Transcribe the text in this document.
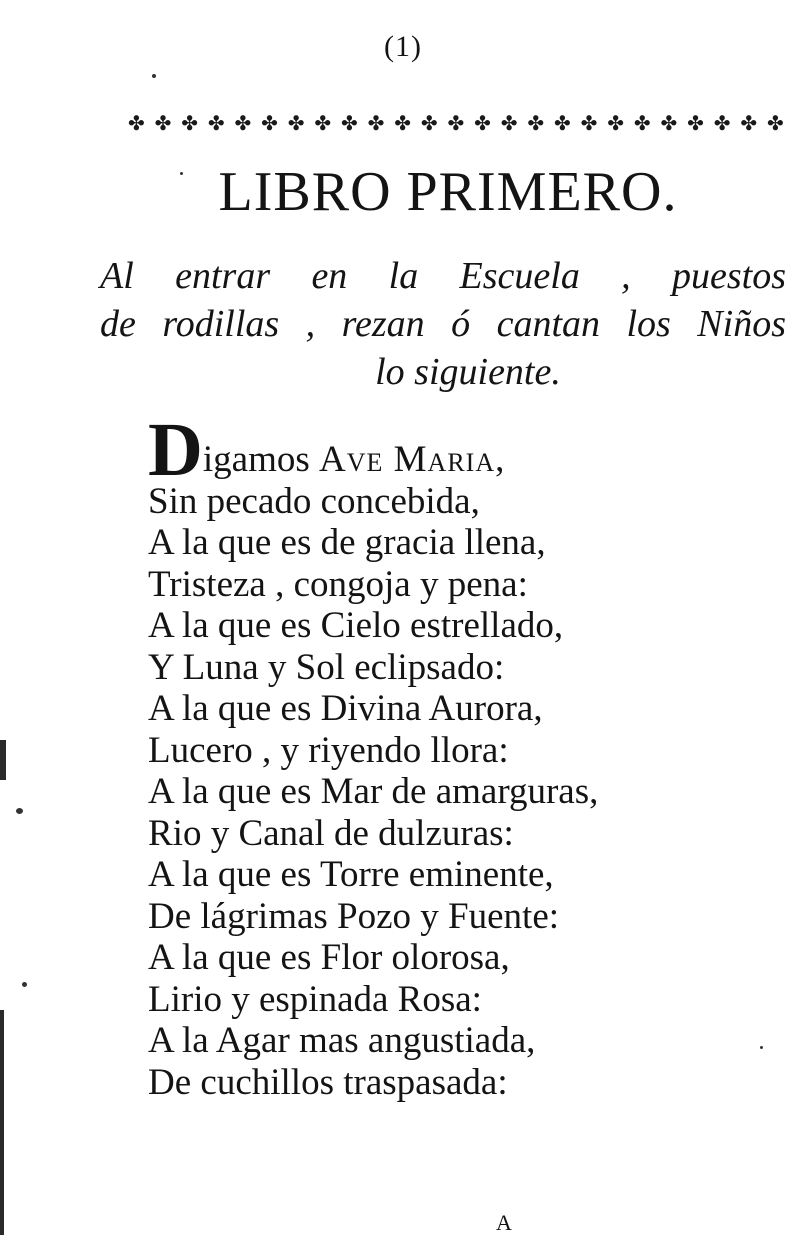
(1)
✤ ✤ ✤ ✤ ✤ ✤ ✤ ✤ ✤ ✤ ✤ ✤ ✤ ✤ ✤ ✤ ✤ ✤ ✤ ✤ ✤ ✤ ✤ ✤ ✤
LIBRO PRIMERO.
Al entrar en la Escuela , puestos
de rodillas , rezan ó cantan los Niños
lo siguiente.
Digamos Ave Maria,
Sin pecado concebida,
A la que es de gracia llena,
Tristeza , congoja y pena:
A la que es Cielo estrellado,
Y Luna y Sol eclipsado:
A la que es Divina Aurora,
Lucero , y riyendo llora:
A la que es Mar de amarguras,
Rio y Canal de dulzuras:
A la que es Torre eminente,
De lágrimas Pozo y Fuente:
A la que es Flor olorosa,
Lirio y espinada Rosa:
A la Agar mas angustiada,
De cuchillos traspasada:
A
